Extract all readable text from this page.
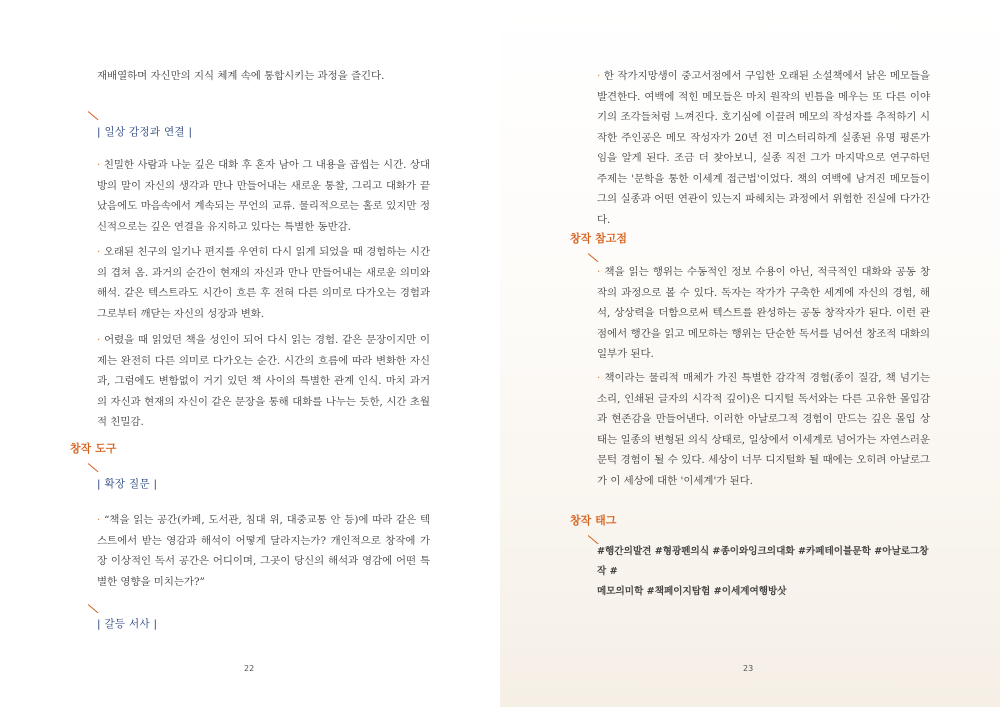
재배열하며 자신만의 지식 체계 속에 통합시키는 과정을 즐긴다.
| 일상 감정과 연결 |
· 친밀한 사람과 나눈 깊은 대화 후 혼자 남아 그 내용을 곱씹는 시간. 상대방의 말이 자신의 생각과 만나 만들어내는 새로운 통찰, 그리고 대화가 끝났음에도 마음속에서 계속되는 무언의 교류. 물리적으로는 홀로 있지만 정신적으로는 깊은 연결을 유지하고 있다는 특별한 동반감.
· 오래된 친구의 일기나 편지를 우연히 다시 읽게 되었을 때 경험하는 시간의 겹쳐 옴. 과거의 순간이 현재의 자신과 만나 만들어내는 새로운 의미와 해석. 같은 텍스트라도 시간이 흐른 후 전혀 다른 의미로 다가오는 경험과 그로부터 깨닫는 자신의 성장과 변화.
· 어렸을 때 읽었던 책을 성인이 되어 다시 읽는 경험. 같은 문장이지만 이제는 완전히 다른 의미로 다가오는 순간. 시간의 흐름에 따라 변화한 자신과, 그럼에도 변함없이 거기 있던 책 사이의 특별한 관계 인식. 마치 과거의 자신과 현재의 자신이 같은 문장을 통해 대화를 나누는 듯한, 시간 초월적 친밀감.
창작 도구
| 확장 질문 |
· “책을 읽는 공간(카페, 도서관, 침대 위, 대중교통 안 등)에 따라 같은 텍스트에서 받는 영감과 해석이 어떻게 달라지는가? 개인적으로 창작에 가장 이상적인 독서 공간은 어디이며, 그곳이 당신의 해석과 영감에 어떤 특별한 영향을 미치는가?”
| 갈등 서사 |
22
· 한 작가지망생이 중고서점에서 구입한 오래된 소설책에서 낡은 메모들을 발견한다. 여백에 적힌 메모들은 마치 원작의 빈틈을 메우는 또 다른 이야기의 조각들처럼 느껴진다. 호기심에 이끌려 메모의 작성자를 추적하기 시작한 주인공은 메모 작성자가 20년 전 미스터리하게 실종된 유명 평론가임을 알게 된다. 조금 더 찾아보니, 실종 직전 그가 마지막으로 연구하던 주제는 '문학을 통한 이세계 접근법'이었다. 책의 여백에 남겨진 메모들이 그의 실종과 어떤 연관이 있는지 파헤치는 과정에서 위험한 진실에 다가간다.
창작 참고점
· 책을 읽는 행위는 수동적인 정보 수용이 아닌, 적극적인 대화와 공동 창작의 과정으로 볼 수 있다. 독자는 작가가 구축한 세계에 자신의 경험, 해석, 상상력을 더함으로써 텍스트를 완성하는 공동 창작자가 된다. 이런 관점에서 행간을 읽고 메모하는 행위는 단순한 독서를 넘어선 창조적 대화의 일부가 된다.
· 책이라는 물리적 매체가 가진 특별한 감각적 경험(종이 질감, 책 넘기는 소리, 인쇄된 글자의 시각적 깊이)은 디지털 독서와는 다른 고유한 몰입감과 현존감을 만들어낸다. 이러한 아날로그적 경험이 만드는 깊은 몰입 상태는 일종의 변형된 의식 상태로, 일상에서 이세계로 넘어가는 자연스러운 문턱 경험이 될 수 있다. 세상이 너무 디지털화 될 때에는 오히려 아날로그가 이 세상에 대한 '이세계'가 된다.
창작 태그
#행간의발견 #형광펜의식 #종이와잉크의대화 #카페테이블문학 #아날로그창작 #
메모의미학 #책페이지탐험 #이세계여행방삿
23
